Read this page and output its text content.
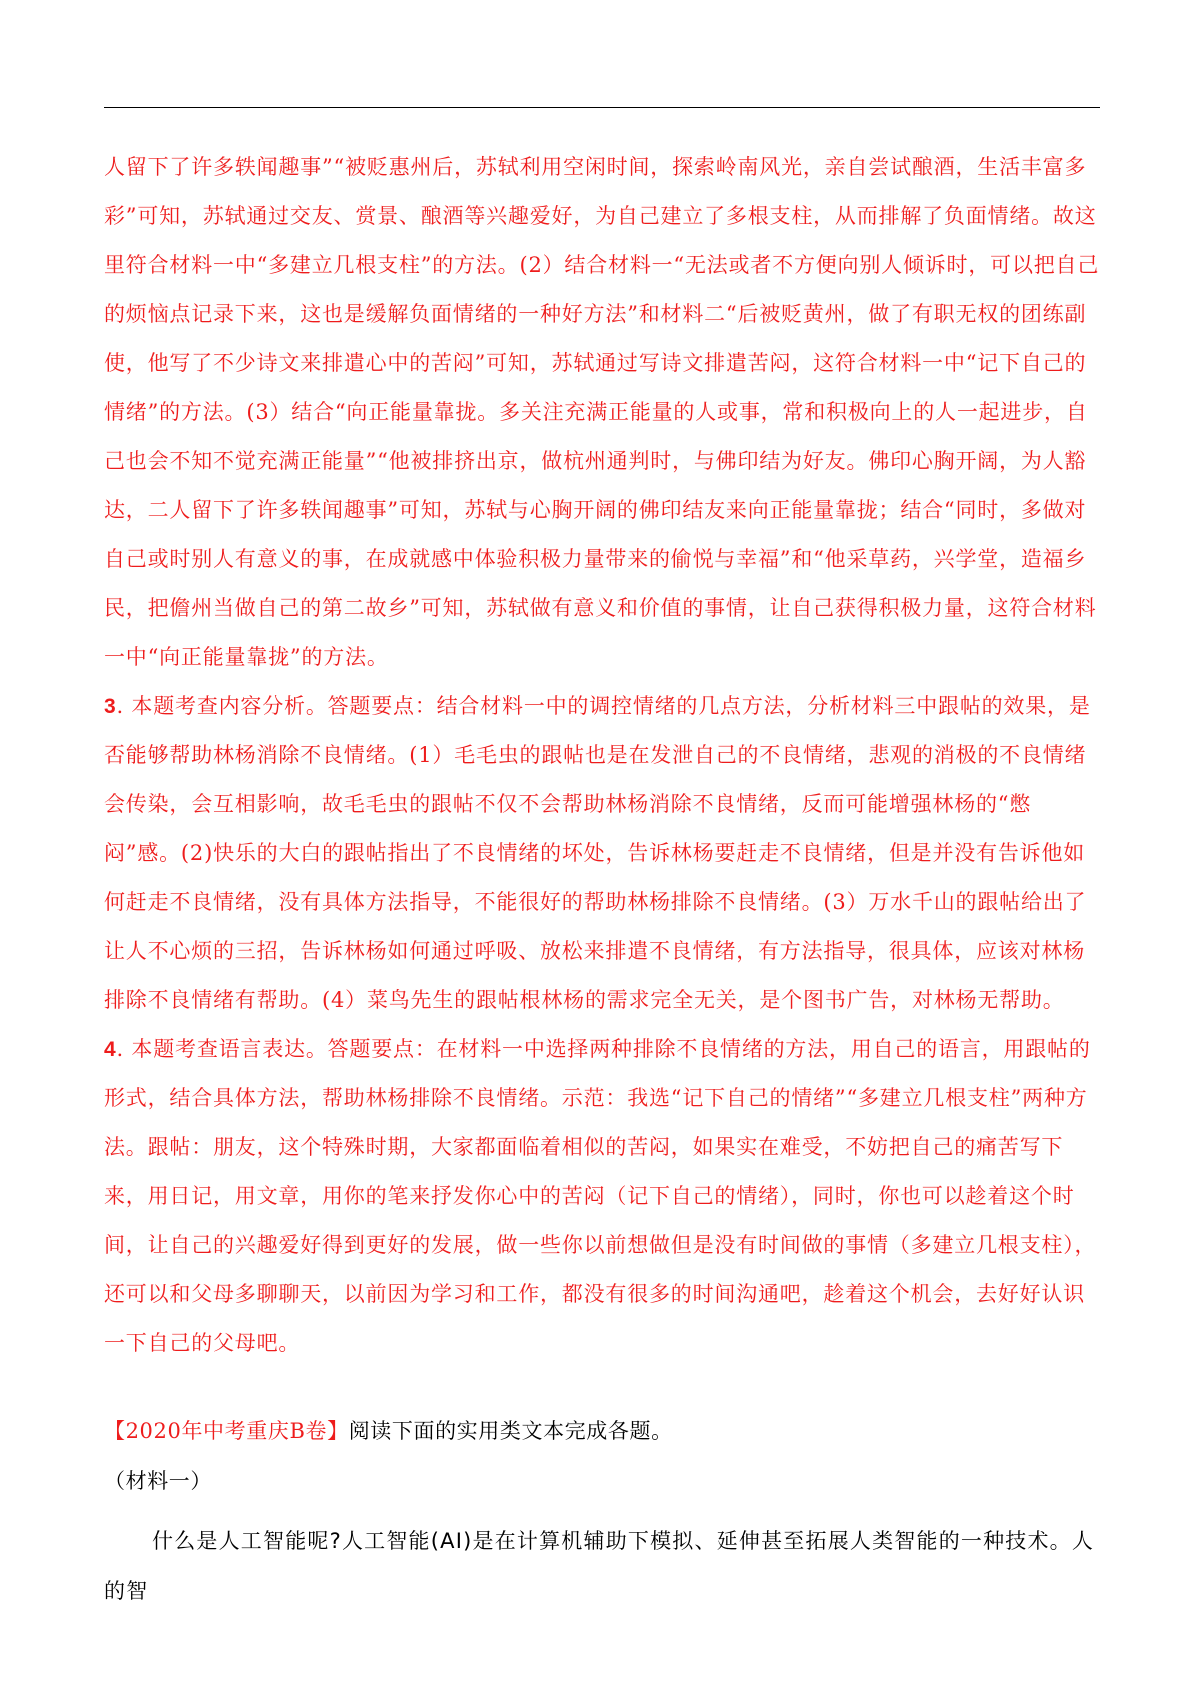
人留下了许多轶闻趣事”“被贬惠州后，苏轼利用空闲时间，探索岭南风光，亲自尝试酿酒，生活丰富多彩”可知，苏轼通过交友、赏景、酿酒等兴趣爱好，为自己建立了多根支柱，从而排解了负面情绪。故这里符合材料一中“多建立几根支柱”的方法。(2）结合材料一“无法或者不方便向别人倾诉时，可以把自己的烦恼点记录下来，这也是缓解负面情绪的一种好方法”和材料二“后被贬黄州，做了有职无权的团练副使，他写了不少诗文来排遣心中的苦闷”可知，苏轼通过写诗文排遣苦闷，这符合材料一中“记下自己的情绪”的方法。(3）结合“向正能量靠拢。多关注充满正能量的人或事，常和积极向上的人一起进步，自己也会不知不觉充满正能量”“他被排挤出京，做杭州通判时，与佛印结为好友。佛印心胸开阔，为人豁达，二人留下了许多轶闻趣事”可知，苏轼与心胸开阔的佛印结友来向正能量靠拢；结合“同时，多做对自己或时别人有意义的事，在成就感中体验积极力量带来的偷悦与幸福”和“他采草药，兴学堂，造福乡民，把儋州当做自己的第二故乡”可知，苏轼做有意义和价值的事情，让自己获得积极力量，这符合材料一中“向正能量靠拢”的方法。

3. 本题考查内容分析。答题要点：结合材料一中的调控情绪的几点方法，分析材料三中跟帖的效果，是否能够帮助林杨消除不良情绪。(1）毛毛虫的跟帖也是在发泄自己的不良情绪，悲观的消极的不良情绪会传染，会互相影响，故毛毛虫的跟帖不仅不会帮助林杨消除不良情绪，反而可能增强林杨的“憋闷”感。(2)快乐的大白的跟帖指出了不良情绪的坏处，告诉林杨要赶走不良情绪，但是并没有告诉他如何赶走不良情绪，没有具体方法指导，不能很好的帮助林杨排除不良情绪。(3）万水千山的跟帖给出了让人不心烦的三招，告诉林杨如何通过呼吸、放松来排遣不良情绪，有方法指导，很具体，应该对林杨排除不良情绪有帮助。(4）菜鸟先生的跟帖根林杨的需求完全无关，是个图书广告，对林杨无帮助。

4. 本题考查语言表达。答题要点：在材料一中选择两种排除不良情绪的方法，用自己的语言，用跟帖的形式，结合具体方法，帮助林杨排除不良情绪。示范：我选“记下自己的情绪”“多建立几根支柱”两种方法。跟帖：朋友，这个特殊时期，大家都面临着相似的苦闷，如果实在难受，不妨把自己的痛苦写下来，用日记，用文章，用你的笔来抒发你心中的苦闷（记下自己的情绪），同时，你也可以趁着这个时间，让自己的兴趣爱好得到更好的发展，做一些你以前想做但是没有时间做的事情（多建立几根支柱），还可以和父母多聊聊天，以前因为学习和工作，都没有很多的时间沟通吧，趁着这个机会，去好好认识一下自己的父母吧。

【2020年中考重庆B卷】阅读下面的实用类文本完成各题。

（材料一）

什么是人工智能呢?人工智能(AI)是在计算机辅助下模拟、延伸甚至拓展人类智能的一种技术。人的智
